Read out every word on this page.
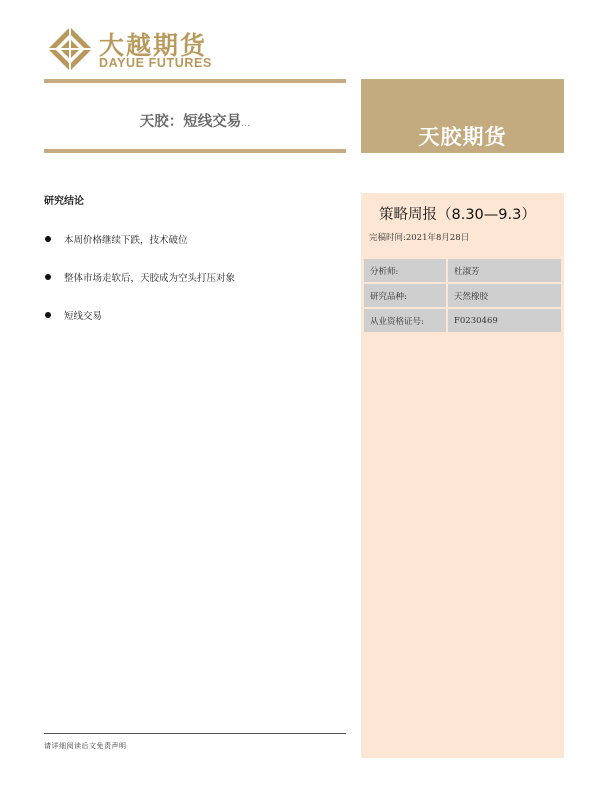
大越期货
DAYUE FUTURES
天胶：短线交易…
天胶期货
策略周报（8.30—9.3）
完稿时间:2021年8月28日
分析师:	杜淑芳
研究品种:	天然橡胶
从业资格证号:	F0230469
研究结论
本周价格继续下跌，技术破位
整体市场走软后，天胶成为空头打压对象
短线交易
请详细阅读后文免责声明
